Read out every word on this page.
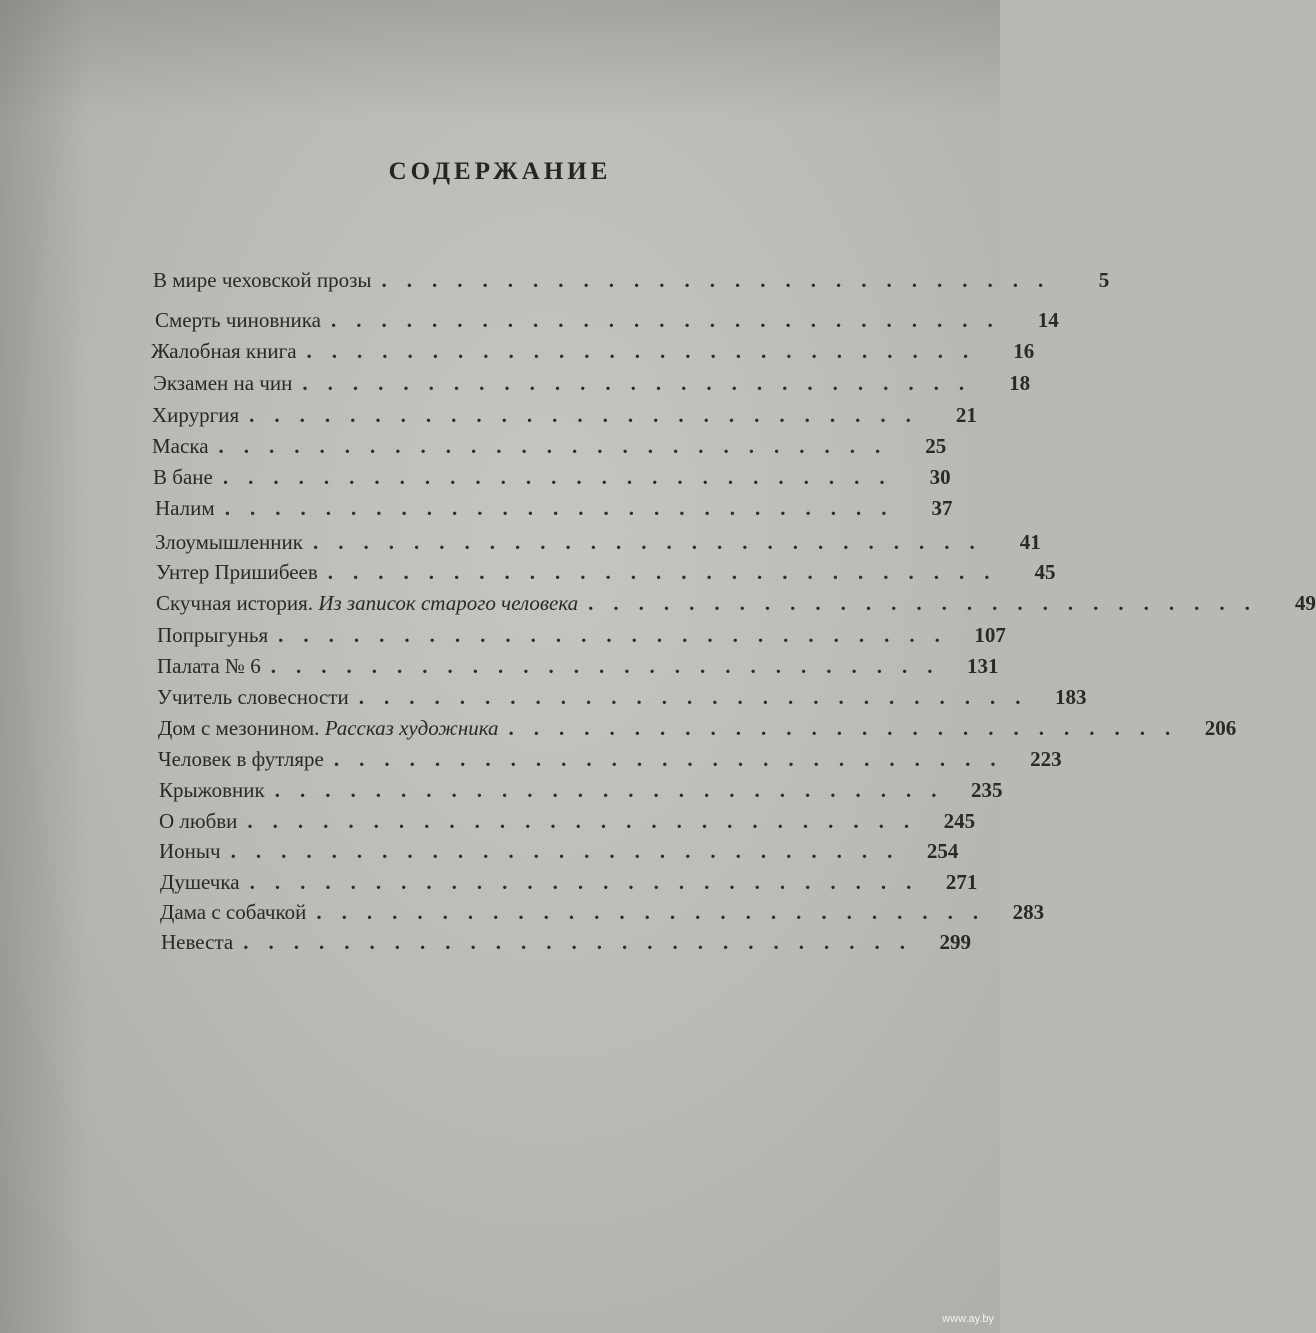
СОДЕРЖАНИЕ
В мире чеховской прозы ...........................	5
Смерть чиновника ...........................	14
Жалобная книга ...........................	16
Экзамен на чин ...........................	18
Хирургия ...........................	21
Маска ...........................	25
В бане ...........................	30
Налим ...........................	37
Злоумышленник ...........................	41
Унтер Пришибеев ...........................	45
Скучная история. Из записок старого человека ...........................	49
Попрыгунья ........................... 107
Палата № 6 ........................... 131
Учитель словесности ........................... 183
Дом с мезонином. Рассказ художника ........................... 206
Человек в футляре ........................... 223
Крыжовник ........................... 235
О любви ........................... 245
Ионыч ........................... 254
Душечка ........................... 271
Дама с собачкой ........................... 283
Невеста ........................... 299
www.ay.by
